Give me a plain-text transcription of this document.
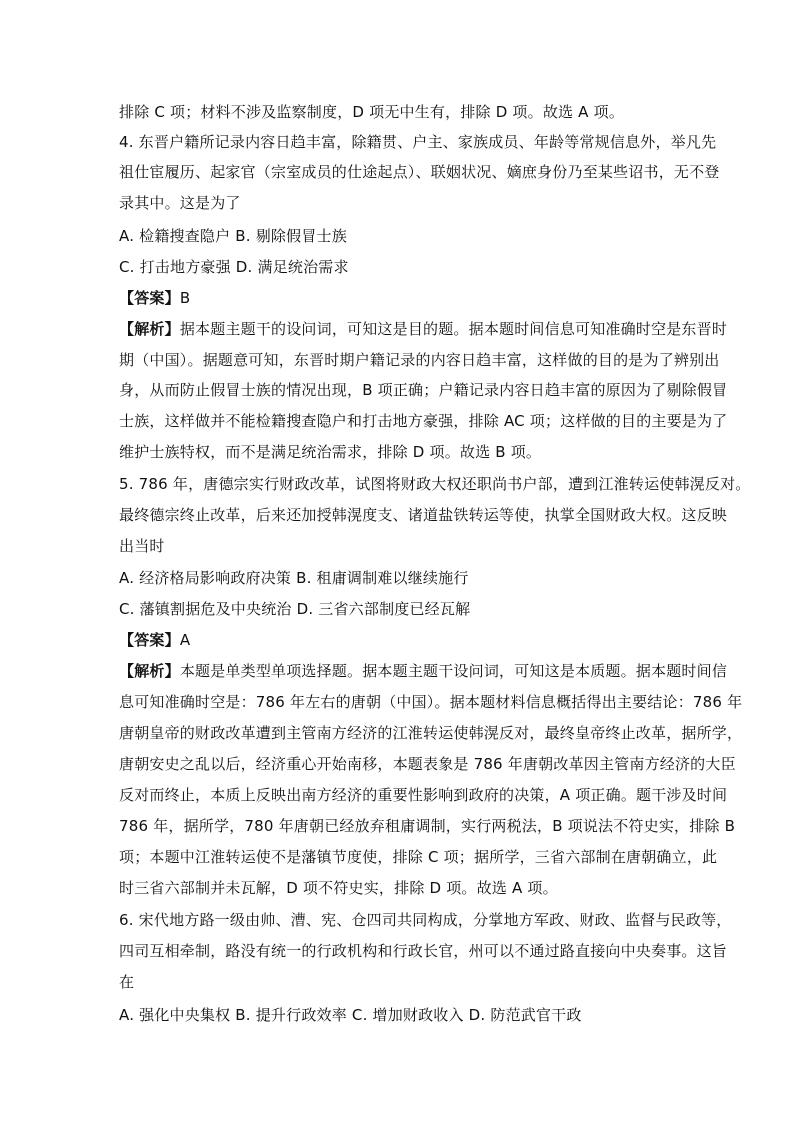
排除 C 项；材料不涉及监察制度，D 项无中生有，排除 D 项。故选 A 项。
4. 东晋户籍所记录内容日趋丰富，除籍贯、户主、家族成员、年龄等常规信息外，举凡先
祖仕宦履历、起家官（宗室成员的仕途起点）、联姻状况、嫡庶身份乃至某些诏书，无不登
录其中。这是为了
A. 检籍搜查隐户 B. 剔除假冒士族
C. 打击地方豪强 D. 满足统治需求
【答案】B
【解析】据本题主题干的设问词，可知这是目的题。据本题时间信息可知准确时空是东晋时
期（中国）。据题意可知，东晋时期户籍记录的内容日趋丰富，这样做的目的是为了辨别出
身，从而防止假冒士族的情况出现，B 项正确；户籍记录内容日趋丰富的原因为了剔除假冒
士族，这样做并不能检籍搜查隐户和打击地方豪强，排除 AC 项；这样做的目的主要是为了
维护士族特权，而不是满足统治需求，排除 D 项。故选 B 项。
5. 786 年，唐德宗实行财政改革，试图将财政大权还职尚书户部，遭到江淮转运使韩滉反对。
最终德宗终止改革，后来还加授韩滉度支、诸道盐铁转运等使，执掌全国财政大权。这反映
出当时
A. 经济格局影响政府决策 B. 租庸调制难以继续施行
C. 藩镇割据危及中央统治 D. 三省六部制度已经瓦解
【答案】A
【解析】本题是单类型单项选择题。据本题主题干设问词，可知这是本质题。据本题时间信
息可知准确时空是：786 年左右的唐朝（中国）。据本题材料信息概括得出主要结论：786 年
唐朝皇帝的财政改革遭到主管南方经济的江淮转运使韩滉反对，最终皇帝终止改革，据所学，
唐朝安史之乱以后，经济重心开始南移，本题表象是 786 年唐朝改革因主管南方经济的大臣
反对而终止，本质上反映出南方经济的重要性影响到政府的决策，A 项正确。题干涉及时间
786 年，据所学，780 年唐朝已经放弃租庸调制，实行两税法，B 项说法不符史实，排除 B
项；本题中江淮转运使不是藩镇节度使，排除 C 项；据所学，三省六部制在唐朝确立，此
时三省六部制并未瓦解，D 项不符史实，排除 D 项。故选 A 项。
6. 宋代地方路一级由帅、漕、宪、仓四司共同构成，分掌地方军政、财政、监督与民政等，
四司互相牵制，路没有统一的行政机构和行政长官，州可以不通过路直接向中央奏事。这旨
在
A. 强化中央集权 B. 提升行政效率 C. 增加财政收入 D. 防范武官干政
